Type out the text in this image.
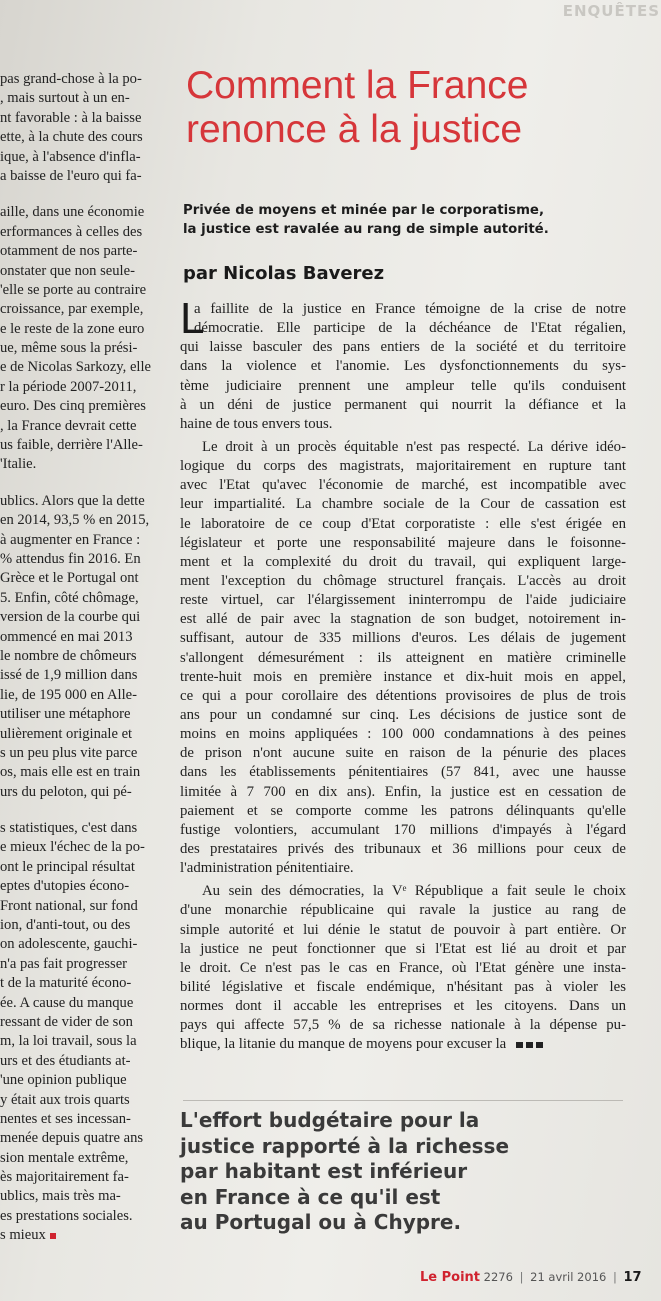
ENQUÊTES
pas grand-chose à la po-
, mais surtout à un en-
nt favorable : à la baisse
ette, à la chute des cours
ique, à l'absence d'infla-
a baisse de l'euro qui fa-
aille, dans une économie
erformances à celles des
otamment de nos parte-
onstater que non seule-
'elle se porte au contraire
croissance, par exemple,
e le reste de la zone euro
ue, même sous la prési-
e de Nicolas Sarkozy, elle
r la période 2007-2011,
euro. Des cinq premières
, la France devrait cette
us faible, derrière l'Alle-
'Italie.
ublics. Alors que la dette
en 2014, 93,5 % en 2015,
à augmenter en France :
% attendus fin 2016. En
Grèce et le Portugal ont
5. Enfin, côté chômage,
version de la courbe qui
ommencé en mai 2013
le nombre de chômeurs
issé de 1,9 million dans
lie, de 195 000 en Alle-
utiliser une métaphore
ulièrement originale et
s un peu plus vite parce
os, mais elle est en train
urs du peloton, qui pé-
s statistiques, c'est dans
e mieux l'échec de la po-
ont le principal résultat
eptes d'utopies écono-
Front national, sur fond
ion, d'anti-tout, ou des
on adolescente, gauchi-
n'a pas fait progresser
t de la maturité écono-
ée. A cause du manque
ressant de vider de son
m, la loi travail, sous la
urs et des étudiants at-
'une opinion publique
y était aux trois quarts
nentes et ses incessan-
menée depuis quatre ans
sion mentale extrême,
ès majoritairement fa-
ublics, mais très ma-
es prestations sociales.
s mieux
Comment la France
renonce à la justice
Privée de moyens et minée par le corporatisme,
la justice est ravalée au rang de simple autorité.
par Nicolas Baverez
L
a faillite de la justice en France témoigne de la crise de notre
démocratie. Elle participe de la déchéance de l'Etat régalien,
qui laisse basculer des pans entiers de la société et du territoire
dans la violence et l'anomie. Les dysfonctionnements du sys-
tème judiciaire prennent une ampleur telle qu'ils conduisent
à un déni de justice permanent qui nourrit la défiance et la
haine de tous envers tous.
Le droit à un procès équitable n'est pas respecté. La dérive idéo-
logique du corps des magistrats, majoritairement en rupture tant
avec l'Etat qu'avec l'économie de marché, est incompatible avec
leur impartialité. La chambre sociale de la Cour de cassation est
le laboratoire de ce coup d'Etat corporatiste : elle s'est érigée en
législateur et porte une responsabilité majeure dans le foisonne-
ment et la complexité du droit du travail, qui expliquent large-
ment l'exception du chômage structurel français. L'accès au droit
reste virtuel, car l'élargissement ininterrompu de l'aide judiciaire
est allé de pair avec la stagnation de son budget, notoirement in-
suffisant, autour de 335 millions d'euros. Les délais de jugement
s'allongent démesurément : ils atteignent en matière criminelle
trente-huit mois en première instance et dix-huit mois en appel,
ce qui a pour corollaire des détentions provisoires de plus de trois
ans pour un condamné sur cinq. Les décisions de justice sont de
moins en moins appliquées : 100 000 condamnations à des peines
de prison n'ont aucune suite en raison de la pénurie des places
dans les établissements pénitentiaires (57 841, avec une hausse
limitée à 7 700 en dix ans). Enfin, la justice est en cessation de
paiement et se comporte comme les patrons délinquants qu'elle
fustige volontiers, accumulant 170 millions d'impayés à l'égard
des prestataires privés des tribunaux et 36 millions pour ceux de
l'administration pénitentiaire.
Au sein des démocraties, la Vᵉ République a fait seule le choix
d'une monarchie républicaine qui ravale la justice au rang de
simple autorité et lui dénie le statut de pouvoir à part entière. Or
la justice ne peut fonctionner que si l'Etat est lié au droit et par
le droit. Ce n'est pas le cas en France, où l'Etat génère une insta-
bilité législative et fiscale endémique, n'hésitant pas à violer les
normes dont il accable les entreprises et les citoyens. Dans un
pays qui affecte 57,5 % de sa richesse nationale à la dépense pu-
blique, la litanie du manque de moyens pour excuser la
L'effort budgétaire pour la
justice rapporté à la richesse
par habitant est inférieur
en France à ce qu'il est
au Portugal ou à Chypre.
Le Point 2276 | 21 avril 2016 | 17
